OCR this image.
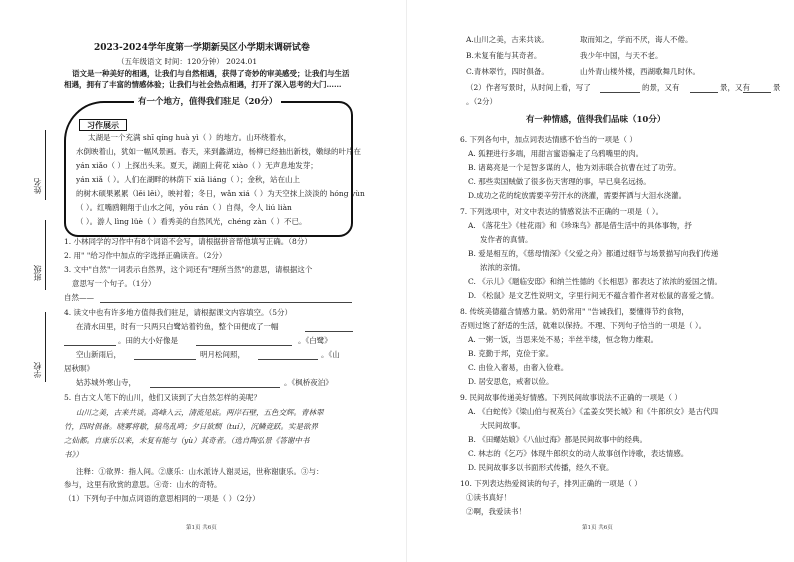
姓名
班级
学校
2023-2024学年度第一学期新吴区小学期末调研试卷
（五年级语文 时间：120分钟） 2024.01
语文是一种美好的相遇，让我们与自然相遇，获得了奇妙的审美感受；让我们与生活
相遇，拥有了丰富的情感体验；让我们与社会热点相遇，打开了深入思考的大门……
有一个地方，值得我们驻足（20分）
习作展示
太湖是一个充满 shī qíng huà yì（ ）的地方。山环绕着水，
水倒映着山，犹如一幅风景画。春天，来到蠡湖边，杨柳已经抽出新枝，嫩绿的叶片在
yán xiǎo（ ）上探出头来。夏天，湖面上荷花 xiào（ ）无声息地发芽；
yán xiǎ（ ）。人们在湖畔的林荫下 xiā liáng（ ）；金秋，站在山上
的树木硕果累累（lěi lěi），映衬着；冬日，wǎn xiá（ ）为天空抹上淡淡的 hóng yùn
（ ）。红嘴鸥翱翔于山水之间，yōu rán（ ）自得，令人 liú liàn
（ ）。游人 lìng lüè（ ）看秀美的自然风光，chéng zàn（ ）不已。
1. 小林同学的习作中有8个词语不会写，请根据拼音帮他填写正确。（8分）
2. 用" "给习作中加点的字选择正确读音。（2分）
3. 文中"自然"一词表示自然界，这个词还有"理所当然"的意思，请根据这个
意思写一个句子。（1分）
自然——
4. 读文中也有许多地方值得我们驻足，请根据课文内容填空。（5分）
在清水田里，时有一只两只白鹭站着钓鱼，整个田便成了一幅
。田的大小好像是	。《白鹭》
空山新雨后，	明月松间照，	。《山
居秋暝》
姑苏城外寒山寺，	。《枫桥夜泊》
5. 自古文人笔下的山川，他们又读到了大自然怎样的美呢？
山川之美，古来共谈。高峰入云，清流见底。两岸石壁，五色交辉。青林翠
竹，四时俱备。晓雾将歇，猿鸟乱鸣；夕日欲颓（tuí），沉鳞竞跃。实是欲界
之仙都。自康乐以来，未复有能与（yù）其奇者。（选自陶弘景《答谢中书
书》）
注释：①欲界：指人间。②康乐：山水派诗人谢灵运，世称谢康乐。③与：
参与，这里有欣赏的意思。④奇：山水的奇特。
（1）下列句子中加点词语的意思相同的一项是（ ）（2分）
第1页 共6页
A.山川之美，古来共谈。	取而知之，学而不厌，诲人不倦。
B.未复有能与其奇者。	我少年中国，与天不老。
C.青林翠竹，四时俱备。	山外青山楼外楼，西湖歌舞几时休。
（2）作者写景时，从时间上看，写了	的景，又有	景，又有	景
。（2分）
有一种情感，值得我们品味（10分）
6. 下列各句中，加点词表达情感不恰当的一项是（ ）
A. 狐狸进行多端，用甜言蜜语骗走了乌鸦嘴里的肉。
B. 诸葛亮是一个足智多谋的人，他为刘赤联合抗曹在过了功劳。
C. 那些卖国贼做了很多伤天害理的事，早已臭名远扬。
D.成功之花的绽放需要辛劳汗水的浇灌，需要挥洒与大泪水浇灌。
7. 下列选项中，对文中表达的情感说法不正确的一项是（ ）。
A. 《落花生》《桂花雨》和《珍珠鸟》都是借生活中的具体事物，抒
发作者的真情。
B. 爱是相互的，《慈母情深》《父爱之舟》都通过细节与场景描写向我们传递
浓浓的亲情。
C. 《示儿》《题临安邸》和纳兰性德的《长相思》都表达了浓浓的爱国之情。
D. 《松鼠》是文艺性说明文，字里行间无不蕴含着作者对松鼠的喜爱之情。
8. 传统美德蕴含情感力量。奶奶常用" "告诫我们，要懂得节约食物，
否则过饱了舒适的生活，就难以保持。不理、下列句子恰当的一项是（ ）。
A. 一粥一饭，当思来处不易；半丝半缕，恒念物力维艰。
B. 克勤于邦，克俭于家。
C. 由俭入奢易，由奢入俭难。
D. 居安思危，戒奢以俭。
9. 民间故事传递美好情感。下列民间故事说法不正确的一项是（ ）
A. 《白蛇传》《梁山伯与祝英台》《孟姜女哭长城》和《牛郎织女》是古代四
大民间故事。
B. 《田螺姑娘》《八仙过海》都是民间故事中的经典。
C. 林志的《乞巧》体现牛郎织女的动人故事创作诗歌，表达情感。
D. 民间故事多以书面形式传播，经久不衰。
10. 下列表达热爱阅读的句子，排列正确的一项是（ ）
①读书真好！
②啊，我爱读书！
第1页 共6页
